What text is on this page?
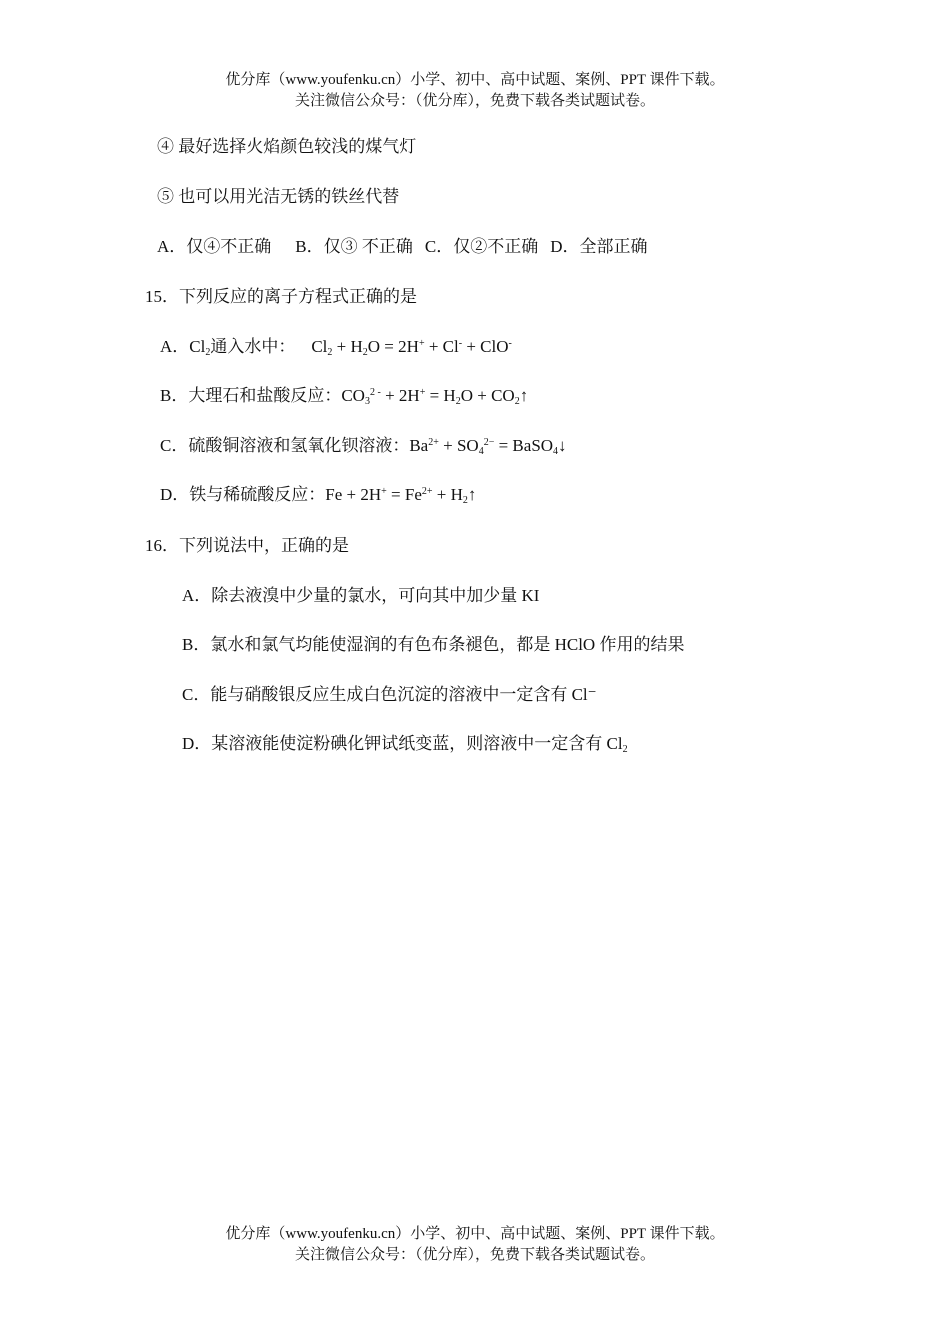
优分库（www.youfenku.cn）小学、初中、高中试题、案例、PPT 课件下载。
关注微信公众号：（优分库），免费下载各类试题试卷。
④ 最好选择火焰颜色较浅的煤气灯
⑤ 也可以用光洁无锈的铁丝代替
A．仅④不正确 B．仅③ 不正确 C．仅②不正确 D．全部正确
15．下列反应的离子方程式正确的是
A．$Cl_2$通入水中： $Cl_2 + H_2O = 2H^+ + Cl^- + ClO^-$
B．大理石和盐酸反应：$CO_3^{2 -} + 2H^+ = H_2O$ + $CO_2↑$
C．硫酸铜溶液和氢氧化钡溶液：$Ba^{2+} + SO_4^{2-}$ = BaSO$_4$↓
D．铁与稀硫酸反应：$Fe + 2H^+ = Fe^{2+}$ + $H_2↑$
16．下列说法中，正确的是
A．除去液溴中少量的氯水，可向其中加少量 KI
B．氯水和氯气均能使湿润的有色布条褪色，都是 HClO 作用的结果
C．能与硝酸银反应生成白色沉淀的溶液中一定含有 Cl⁻
D．某溶液能使淀粉碘化钾试纸变蓝，则溶液中一定含有 $Cl_2$
优分库（www.youfenku.cn）小学、初中、高中试题、案例、PPT 课件下载。
关注微信公众号：（优分库），免费下载各类试题试卷。
